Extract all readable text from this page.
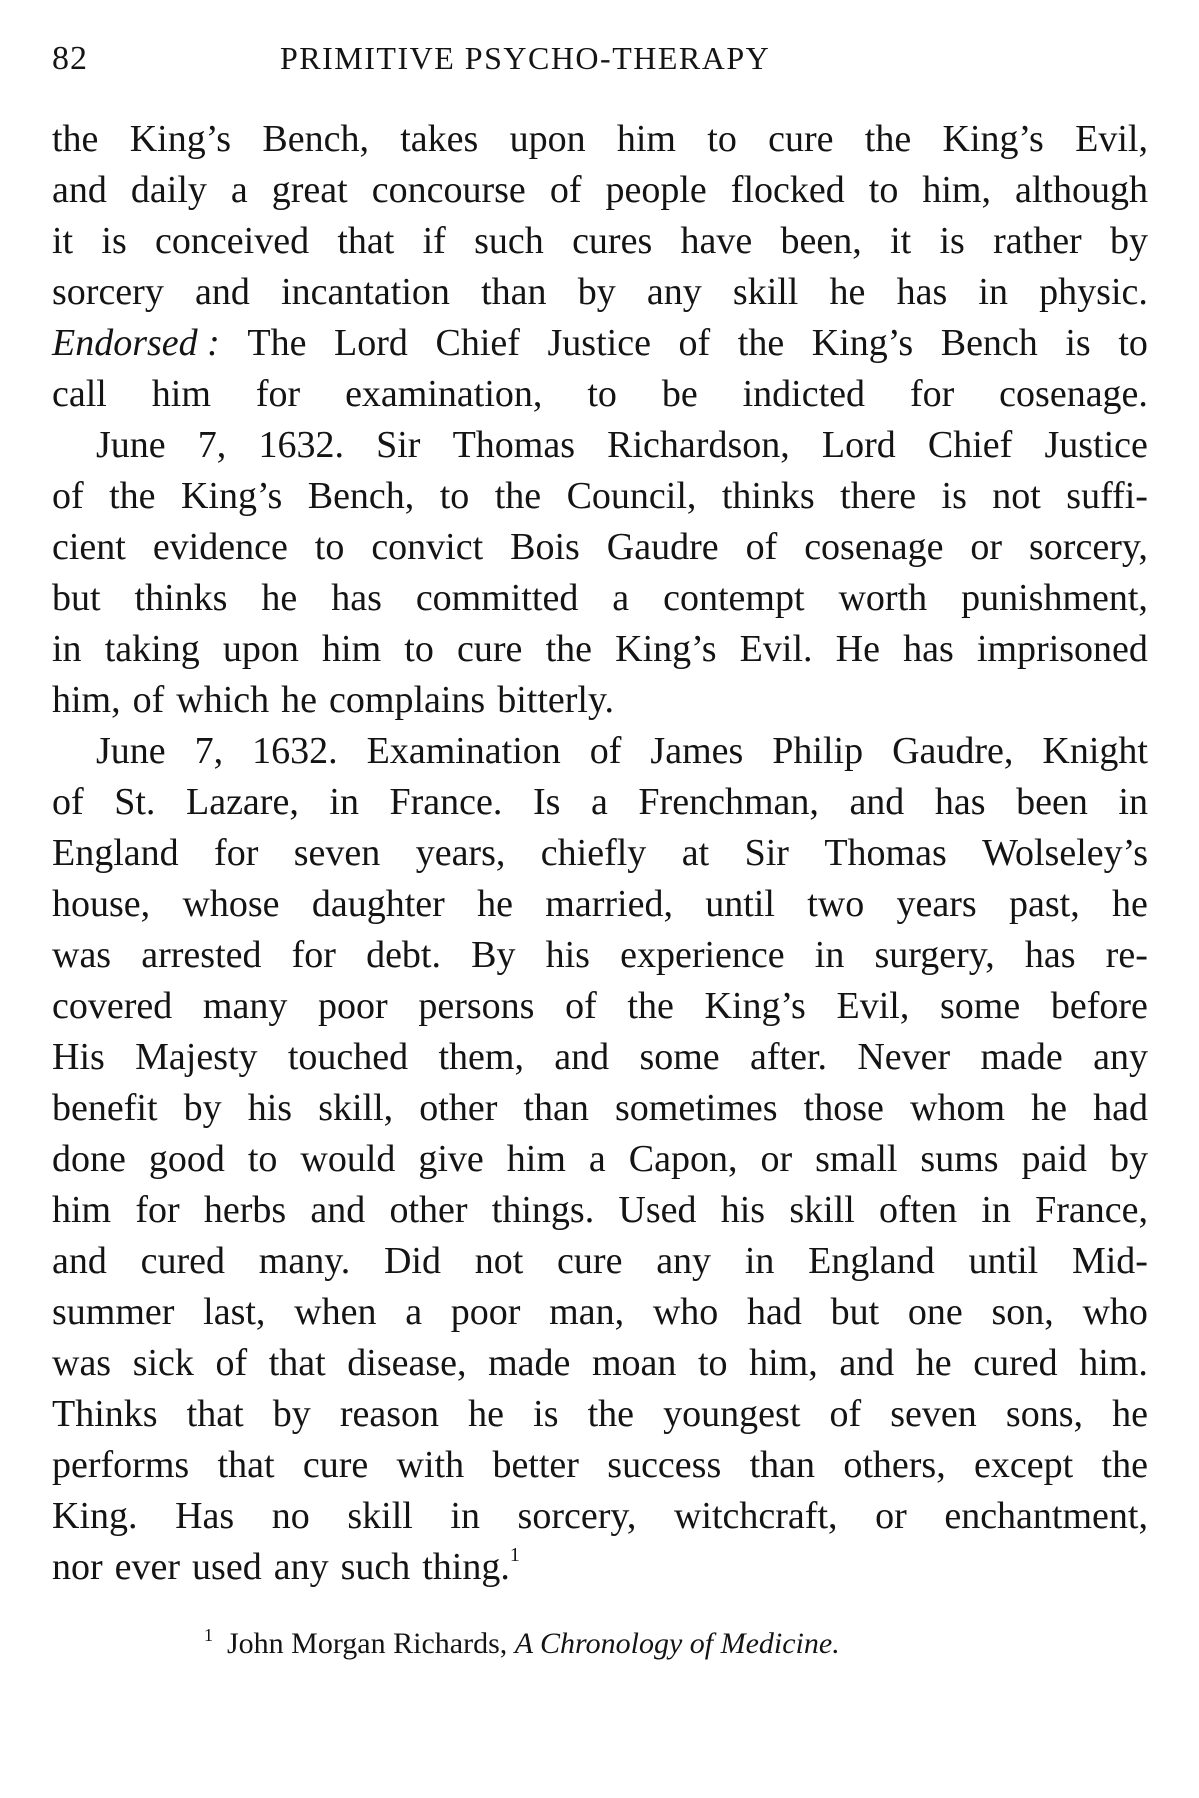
82	PRIMITIVE PSYCHO-THERAPY
the King’s Bench, takes upon him to cure the King’s Evil,
and daily a great concourse of people flocked to him, although
it is conceived that if such cures have been, it is rather by
sorcery and incantation than by any skill he has in physic.
Endorsed : The Lord Chief Justice of the King’s Bench is to
call him for examination, to be indicted for cosenage.
June 7, 1632. Sir Thomas Richardson, Lord Chief Justice
of the King’s Bench, to the Council, thinks there is not suffi-
cient evidence to convict Bois Gaudre of cosenage or sorcery,
but thinks he has committed a contempt worth punishment,
in taking upon him to cure the King’s Evil. He has imprisoned
him, of which he complains bitterly.
June 7, 1632. Examination of James Philip Gaudre, Knight
of St. Lazare, in France. Is a Frenchman, and has been in
England for seven years, chiefly at Sir Thomas Wolseley’s
house, whose daughter he married, until two years past, he
was arrested for debt. By his experience in surgery, has re-
covered many poor persons of the King’s Evil, some before
His Majesty touched them, and some after. Never made any
benefit by his skill, other than sometimes those whom he had
done good to would give him a Capon, or small sums paid by
him for herbs and other things. Used his skill often in France,
and cured many. Did not cure any in England until Mid-
summer last, when a poor man, who had but one son, who
was sick of that disease, made moan to him, and he cured him.
Thinks that by reason he is the youngest of seven sons, he
performs that cure with better success than others, except the
King. Has no skill in sorcery, witchcraft, or enchantment,
nor ever used any such thing.$^1$
$^1$ John Morgan Richards, A Chronology of Medicine.
